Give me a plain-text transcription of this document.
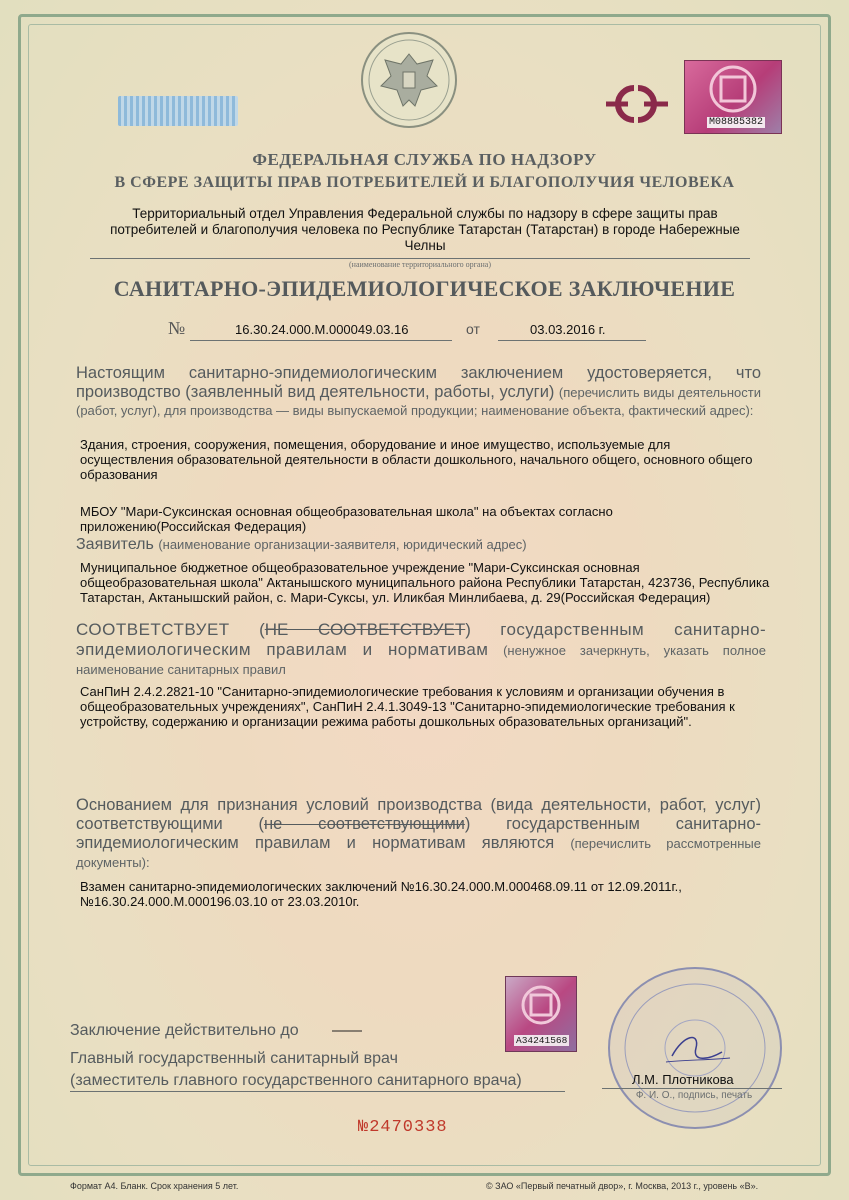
M08885382
ФЕДЕРАЛЬНАЯ СЛУЖБА ПО НАДЗОРУ
В СФЕРЕ ЗАЩИТЫ ПРАВ ПОТРЕБИТЕЛЕЙ И БЛАГОПОЛУЧИЯ ЧЕЛОВЕКА
Территориальный отдел Управления Федеральной службы по надзору в сфере защиты прав потребителей и благополучия человека по Республике Татарстан (Татарстан) в городе Набережные Челны
(наименование территориального органа)
САНИТАРНО-ЭПИДЕМИОЛОГИЧЕСКОЕ ЗАКЛЮЧЕНИЕ
№	16.30.24.000.М.000049.03.16	от	03.03.2016 г.
Настоящим санитарно-эпидемиологическим заключением удостоверяется, что производство (заявленный вид деятельности, работы, услуги) (перечислить виды деятельности (работ, услуг), для производства — виды выпускаемой продукции; наименование объекта, фактический адрес):
Здания, строения, сооружения, помещения, оборудование и иное имущество, используемые для осуществления образовательной деятельности в области дошкольного, начального общего, основного общего образования
МБОУ "Мари-Суксинская основная общеобразовательная школа" на объектах согласно приложению(Российская Федерация)
Заявитель (наименование организации-заявителя, юридический адрес)
Муниципальное бюджетное общеобразовательное учреждение "Мари-Суксинская основная общеобразовательная школа" Актанышского муниципального района Республики Татарстан, 423736, Республика Татарстан, Актанышский район, с. Мари-Суксы, ул. Иликбая Минлибаева, д. 29(Российская Федерация)
СООТВЕТСТВУЕТ (НЕ СООТВЕТСТВУЕТ) государственным санитарно-эпидемиологическим правилам и нормативам (ненужное зачеркнуть, указать полное наименование санитарных правил
СанПиН 2.4.2.2821-10 "Санитарно-эпидемиологические требования к условиям и организации обучения в общеобразовательных учреждениях", СанПиН 2.4.1.3049-13 "Санитарно-эпидемиологические требования к устройству, содержанию и организации режима работы дошкольных образовательных организаций".
Основанием для признания условий производства (вида деятельности, работ, услуг) соответствующими (не соответствующими) государственным санитарно-эпидемиологическим правилам и нормативам являются (перечислить рассмотренные документы):
Взамен санитарно-эпидемиологических заключений №16.30.24.000.М.000468.09.11 от 12.09.2011г., №16.30.24.000.М.000196.03.10 от 23.03.2010г.
A34241568
Заключение действительно до ——
Главный государственный санитарный врач
(заместитель главного государственного санитарного врача)	Л.М. Плотникова
Ф. И. О., подпись, печать
№2470338
Формат А4. Бланк. Срок хранения 5 лет.	© ЗАО «Первый печатный двор», г. Москва, 2013 г., уровень «В».
